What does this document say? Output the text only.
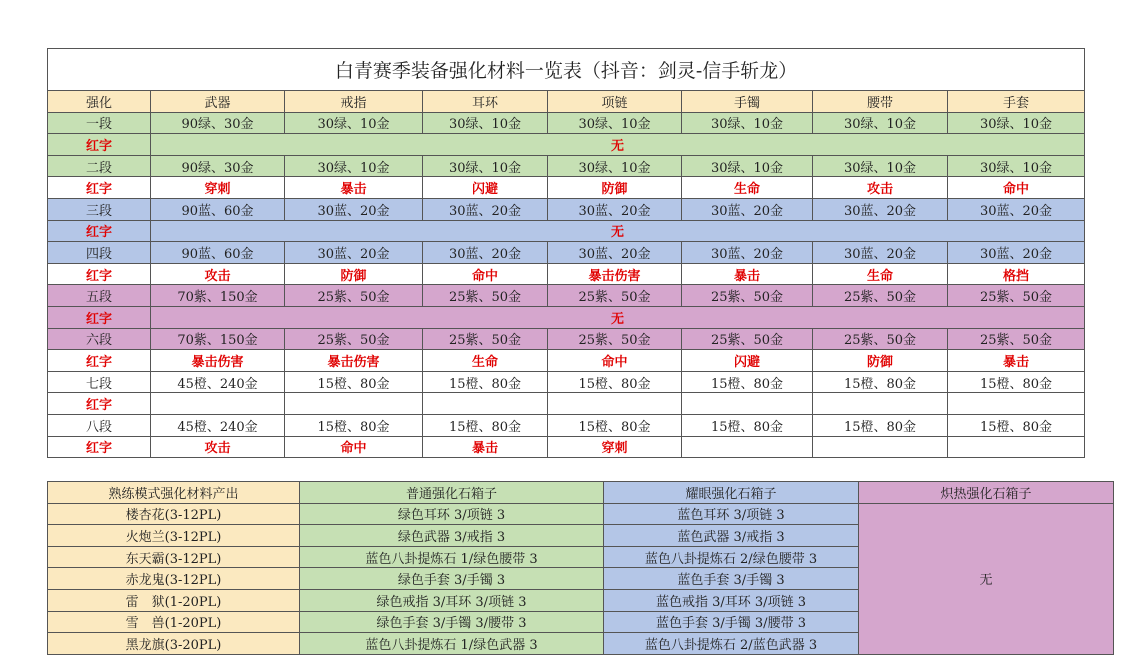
白青赛季装备强化材料一览表（抖音：剑灵-信手斩龙）							
强化	武器	戒指	耳环	项链	手镯	腰带	手套
一段	90绿、30金	30绿、10金	30绿、10金	30绿、10金	30绿、10金	30绿、10金	30绿、10金
红字	无						
二段	90绿、30金	30绿、10金	30绿、10金	30绿、10金	30绿、10金	30绿、10金	30绿、10金
红字	穿刺	暴击	闪避	防御	生命	攻击	命中
三段	90蓝、60金	30蓝、20金	30蓝、20金	30蓝、20金	30蓝、20金	30蓝、20金	30蓝、20金
红字	无						
四段	90蓝、60金	30蓝、20金	30蓝、20金	30蓝、20金	30蓝、20金	30蓝、20金	30蓝、20金
红字	攻击	防御	命中	暴击伤害	暴击	生命	格挡
五段	70紫、150金	25紫、50金	25紫、50金	25紫、50金	25紫、50金	25紫、50金	25紫、50金
红字	无						
六段	70紫、150金	25紫、50金	25紫、50金	25紫、50金	25紫、50金	25紫、50金	25紫、50金
红字	暴击伤害	暴击伤害	生命	命中	闪避	防御	暴击
七段	45橙、240金	15橙、80金	15橙、80金	15橙、80金	15橙、80金	15橙、80金	15橙、80金
红字							
八段	45橙、240金	15橙、80金	15橙、80金	15橙、80金	15橙、80金	15橙、80金	15橙、80金
红字	攻击	命中	暴击	穿刺			
熟练模式强化材料产出	普通强化石箱子	耀眼强化石箱子	炽热强化石箱子
楼杏花(3-12PL)	绿色耳环 3/项链 3	蓝色耳环 3/项链 3	无
火炮兰(3-12PL)	绿色武器 3/戒指 3	蓝色武器 3/戒指 3	
东天霸(3-12PL)	蓝色八卦提炼石 1/绿色腰带 3	蓝色八卦提炼石 2/绿色腰带 3	
赤龙鬼(3-12PL)	绿色手套 3/手镯 3	蓝色手套 3/手镯 3	
雷　狱(1-20PL)	绿色戒指 3/耳环 3/项链 3	蓝色戒指 3/耳环 3/项链 3	
雪　兽(1-20PL)	绿色手套 3/手镯 3/腰带 3	蓝色手套 3/手镯 3/腰带 3	
黑龙旗(3-20PL)	蓝色八卦提炼石 1/绿色武器 3	蓝色八卦提炼石 2/蓝色武器 3	
